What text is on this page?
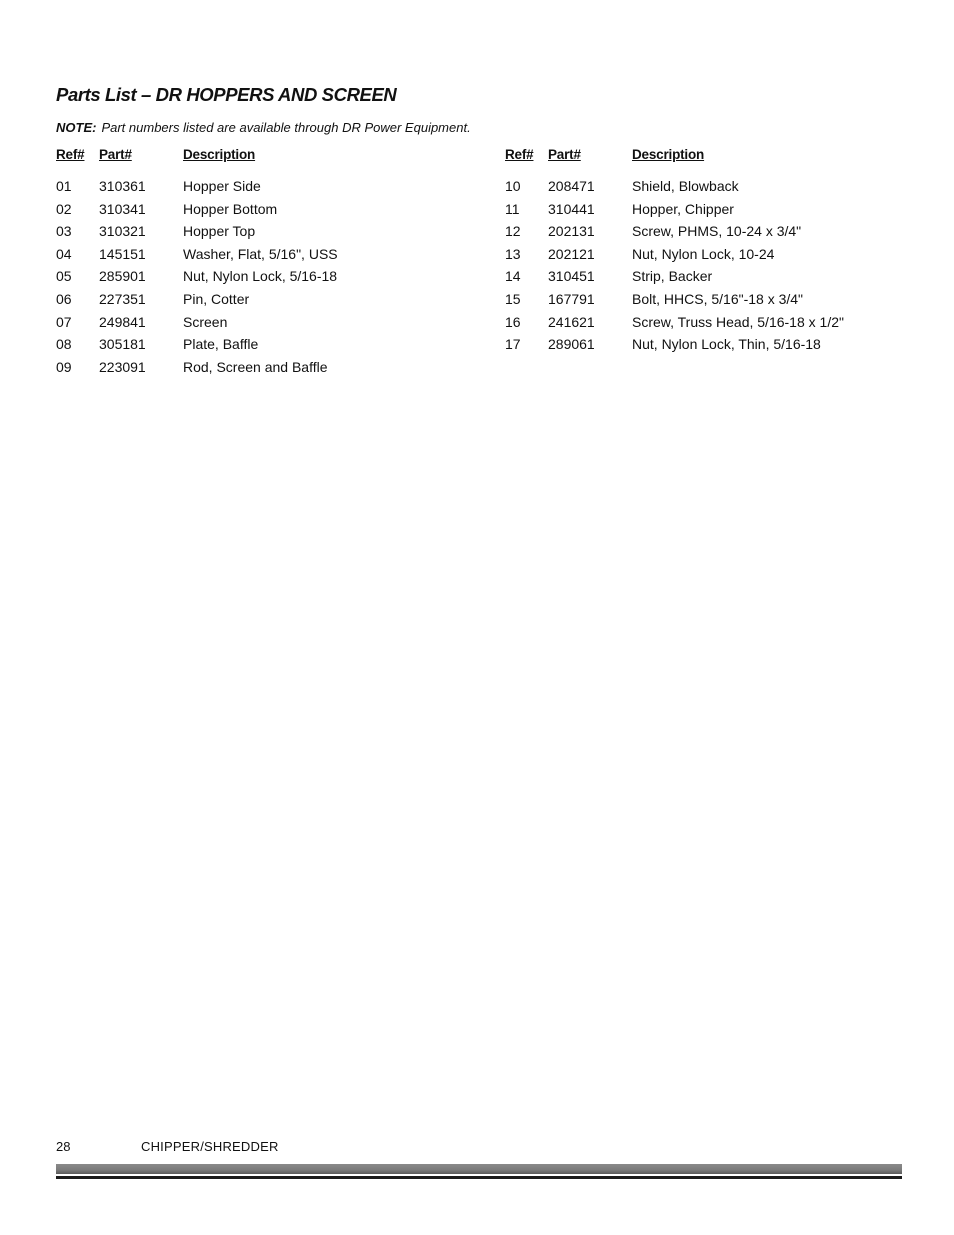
Parts List – DR HOPPERS AND SCREEN
NOTE: Part numbers listed are available through DR Power Equipment.
Ref# Part#	Description
01 310361	Hopper Side
02 310341	Hopper Bottom
03 310321	Hopper Top
04 145151	Washer, Flat, 5/16", USS
05 285901	Nut, Nylon Lock, 5/16-18
06 227351	Pin, Cotter
07 249841	Screen
08 305181	Plate, Baffle
09 223091	Rod, Screen and Baffle
Ref# Part#	Description
10 208471	Shield, Blowback
11 310441	Hopper, Chipper
12 202131	Screw, PHMS, 10-24 x 3/4"
13 202121	Nut, Nylon Lock, 10-24
14 310451	Strip, Backer
15 167791	Bolt, HHCS, 5/16"-18 x 3/4"
16 241621	Screw, Truss Head, 5/16-18 x 1/2"
17 289061	Nut, Nylon Lock, Thin, 5/16-18
28	CHIPPER/SHREDDER
